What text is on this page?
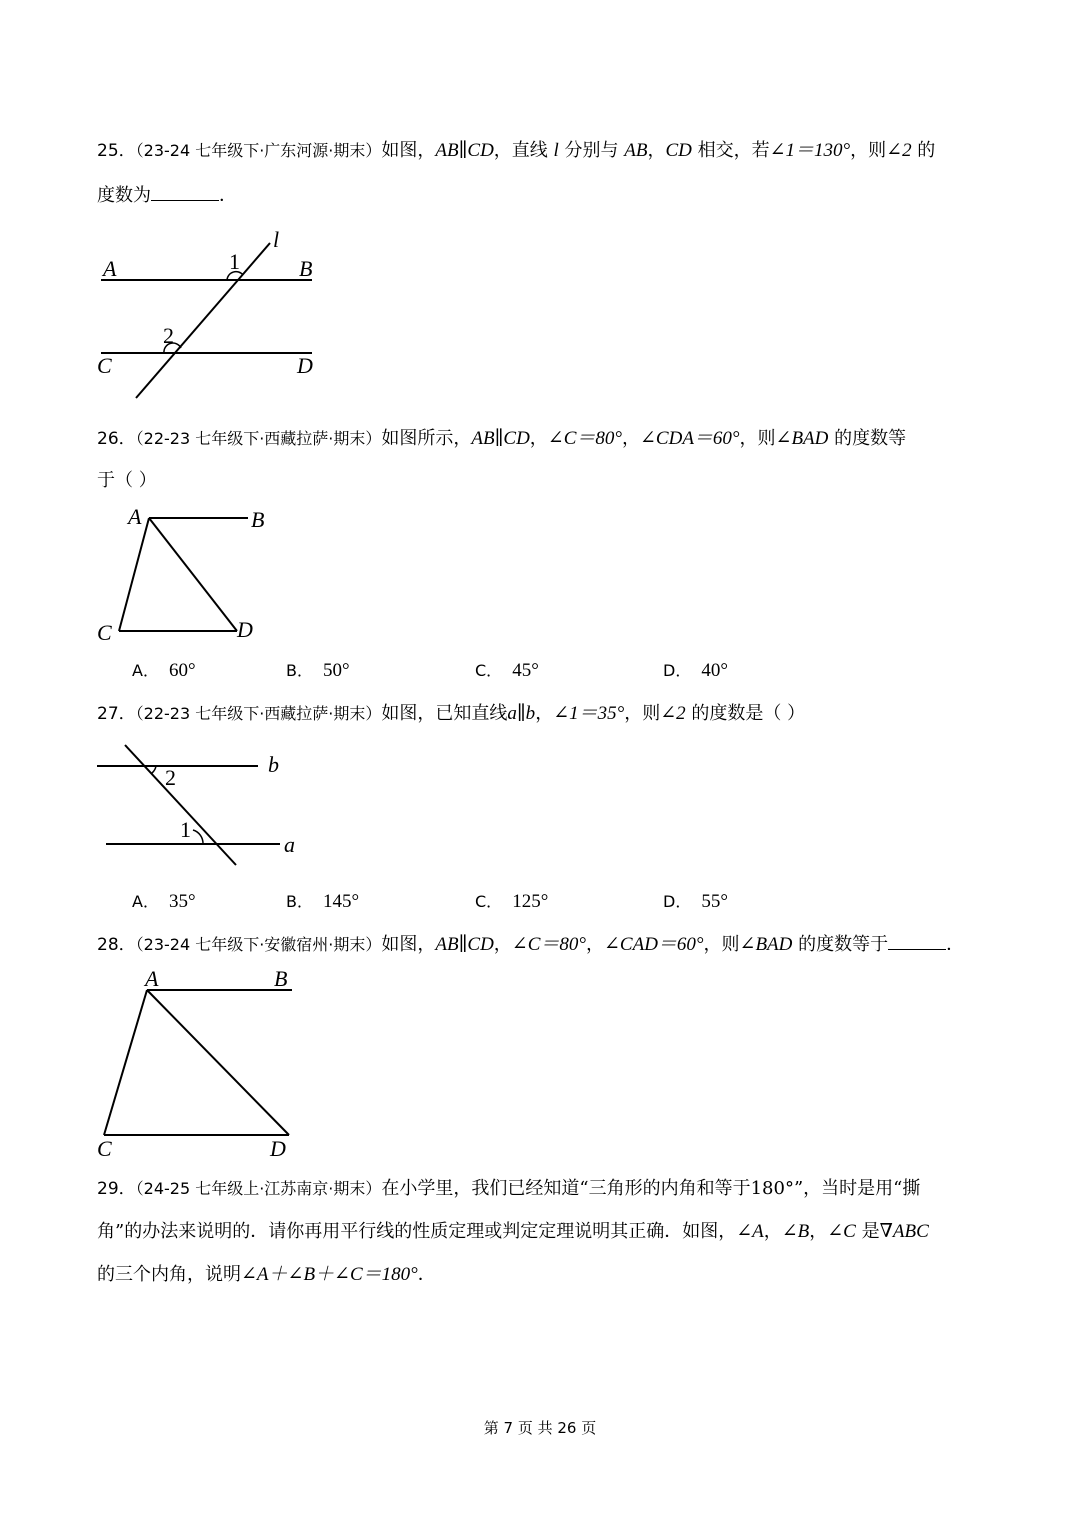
25．（23-24 七年级下·广东河源·期末）如图，AB∥CD，直线 l 分别与 AB，CD 相交，若∠1＝130°，则∠2 的
度数为	．
A	B
C	D
l
1
2
26．（22-23 七年级下·西藏拉萨·期末）如图所示，AB∥CD，∠C＝80°，∠CDA＝60°，则∠BAD 的度数等
于（ ）
A	B
C	D
A． 60°	B． 50°	C． 45°	D． 40°
27．（22-23 七年级下·西藏拉萨·期末）如图，已知直线a∥b，∠1＝35°，则∠2 的度数是（ ）
b
a
2
1
A． 35°	B． 145°	C． 125°	D． 55°
28．（23-24 七年级下·安徽宿州·期末）如图，AB∥CD，∠C＝80°，∠CAD＝60°，则∠BAD 的度数等于	．
A	B
C	D
29．（24-25 七年级上·江苏南京·期末）在小学里，我们已经知道“三角形的内角和等于180°”，当时是用“撕
角”的办法来说明的．请你再用平行线的性质定理或判定定理说明其正确．如图，∠A，∠B，∠C 是∇ABC
的三个内角，说明∠A＋∠B＋∠C＝180°．
第 7 页 共 26 页
